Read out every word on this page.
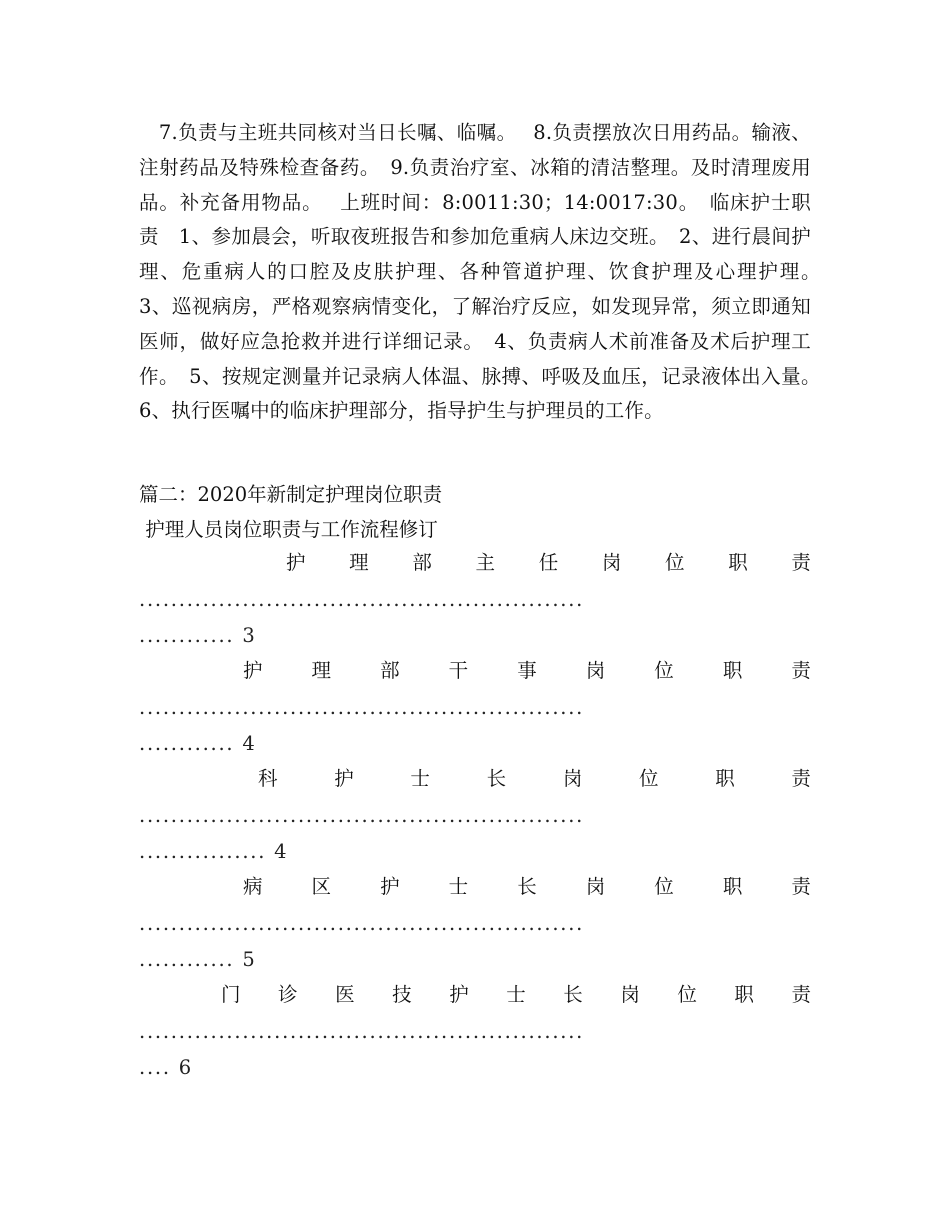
　7.负责与主班共同核对当日长嘱、临嘱。　 8.负责摆放次日用药品。输液、注射药品及特殊检查备药。　9.负责治疗室、冰箱的清洁整理。及时清理废用品。补充备用物品。　 上班时间：8:0011:30；14:0017:30。　临床护士职责　1、参加晨会，听取夜班报告和参加危重病人床边交班。　2、进行晨间护理、危重病人的口腔及皮肤护理、各种管道护理、饮食护理及心理护理。　3、巡视病房，严格观察病情变化，了解治疗反应，如发现异常，须立即通知医师，做好应急抢救并进行详细记录。　4、负责病人术前准备及术后护理工作。　5、按规定测量并记录病人体温、脉搏、呼吸及血压，记录液体出入量。　6、执行医嘱中的临床护理部分，指导护生与护理员的工作。

篇二：2020年新制定护理岗位职责

护理人员岗位职责与工作流程修订

护 理 部 主 任 岗 位 职 责
........................................................
............ 3
护	理	部	干	事	岗	位	职	责
........................................................
............ 4
科	护	士	长	岗	位	职	责
........................................................
................ 4
病	区	护	士	长	岗	位	职	责
........................................................
............ 5
门 诊 医 技 护 士 长 岗 位 职 责
........................................................
.... 6
